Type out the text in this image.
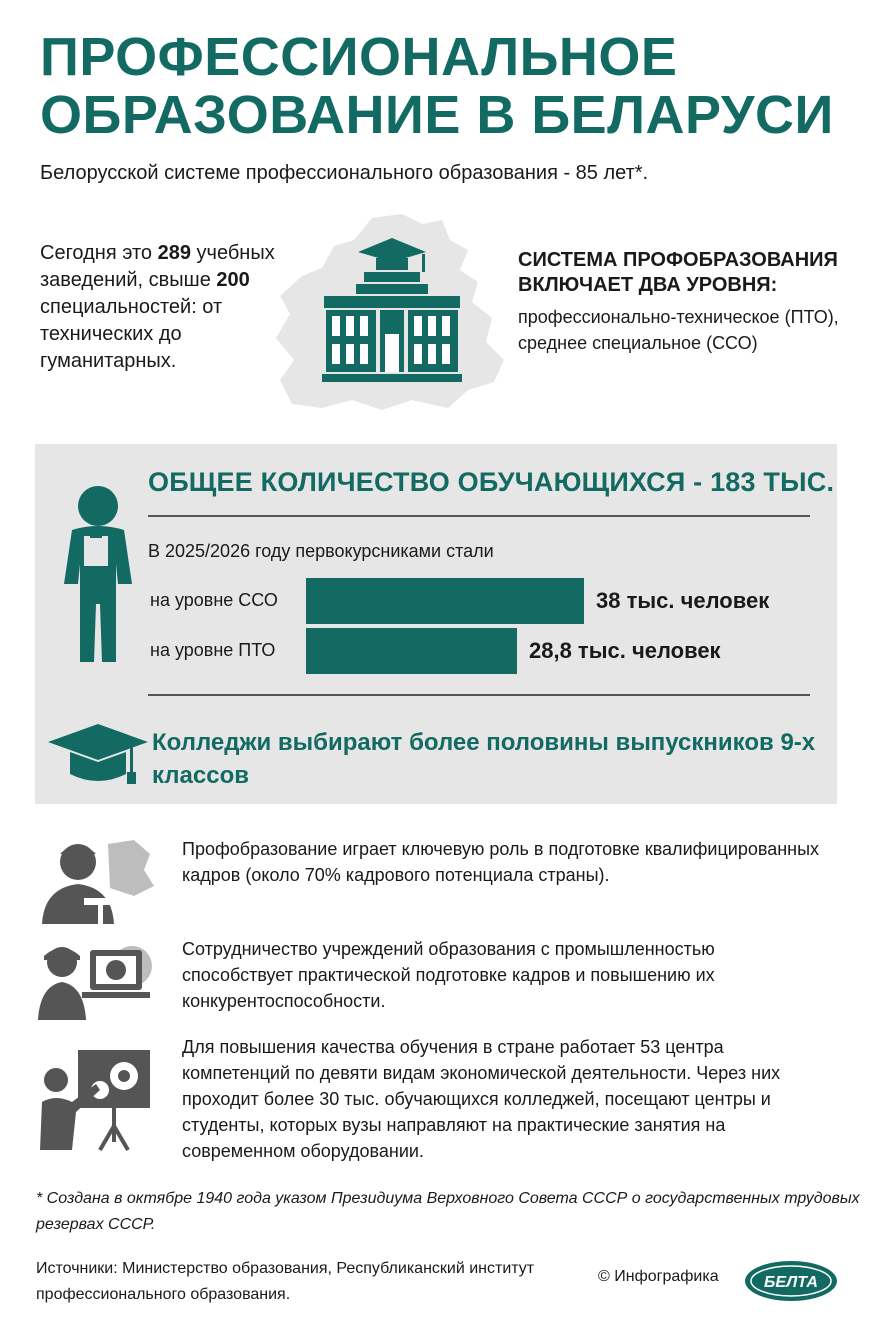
ПРОФЕССИОНАЛЬНОЕ
ОБРАЗОВАНИЕ В БЕЛАРУСИ
Белорусской системе профессионального образования - 85 лет*.
Сегодня это 289 учебных заведений, свыше 200 специальностей: от технических до гуманитарных.
СИСТЕМА ПРОФОБРАЗОВАНИЯ ВКЛЮЧАЕТ ДВА УРОВНЯ:
профессионально-техническое (ПТО), среднее специальное (ССО)
ОБЩЕЕ КОЛИЧЕСТВО ОБУЧАЮЩИХСЯ - 183 ТЫС.
В 2025/2026 году первокурсниками стали
на уровне ССО	38 тыс. человек
на уровне ПТО	28,8 тыс. человек
Колледжи выбирают более половины выпускников 9-х классов
Профобразование играет ключевую роль в подготовке квалифицированных кадров (около 70% кадрового потенциала страны).
Сотрудничество учреждений образования с промышленностью способствует практической подготовке кадров и повышению их конкурентоспособности.
Для повышения качества обучения в стране работает 53 центра компетенций по девяти видам экономической деятельности. Через них проходит более 30 тыс. обучающихся колледжей, посещают центры и студенты, которых вузы направляют на практические занятия на современном оборудовании.
* Создана в октябре 1940 года указом Президиума Верховного Совета СССР о государственных трудовых резервах СССР.
Источники: Министерство образования, Республиканский институт профессионального образования.
© Инфографика	БЕЛТА
